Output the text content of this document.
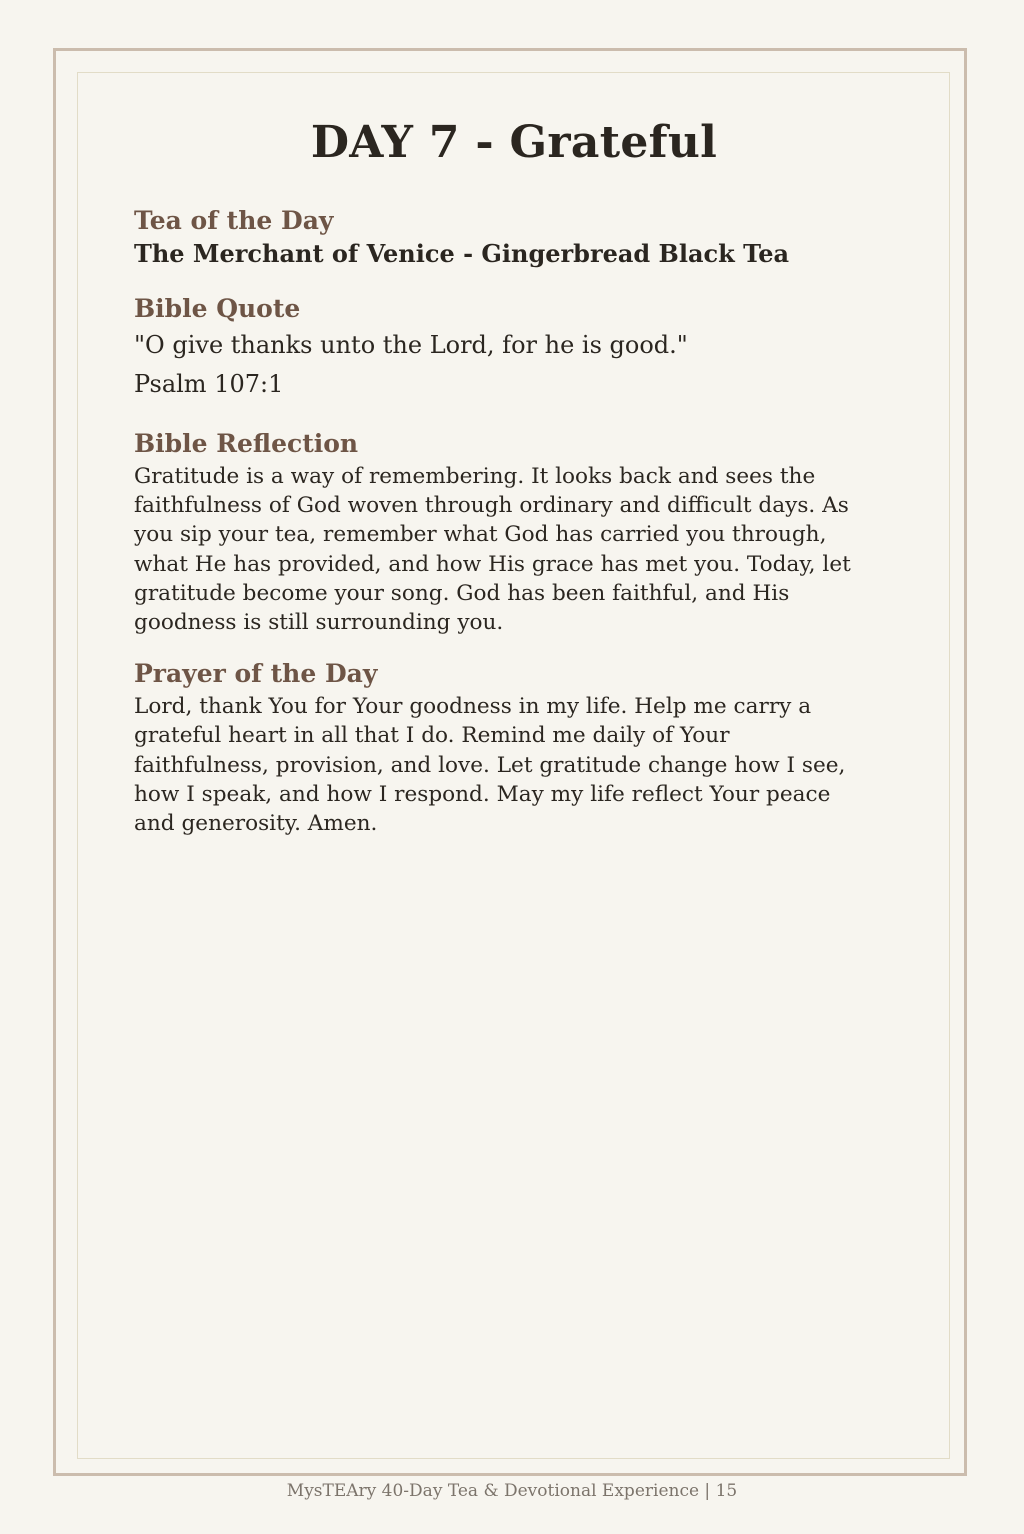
DAY 7 - Grateful
Tea of the Day

The Merchant of Venice - Gingerbread Black Tea

Bible Quote

"O give thanks unto the Lord, for he is good."

Psalm 107:1

Bible Reflection
Gratitude is a way of remembering. It looks back and sees the
faithfulness of God woven through ordinary and difficult days. As
you sip your tea, remember what God has carried you through,
what He has provided, and how His grace has met you. Today, let
gratitude become your song. God has been faithful, and His
goodness is still surrounding you.
Prayer of the Day
Lord, thank You for Your goodness in my life. Help me carry a
grateful heart in all that I do. Remind me daily of Your
faithfulness, provision, and love. Let gratitude change how I see,
how I speak, and how I respond. May my life reflect Your peace
and generosity. Amen.
MysTEAry 40-Day Tea & Devotional Experience | 15
